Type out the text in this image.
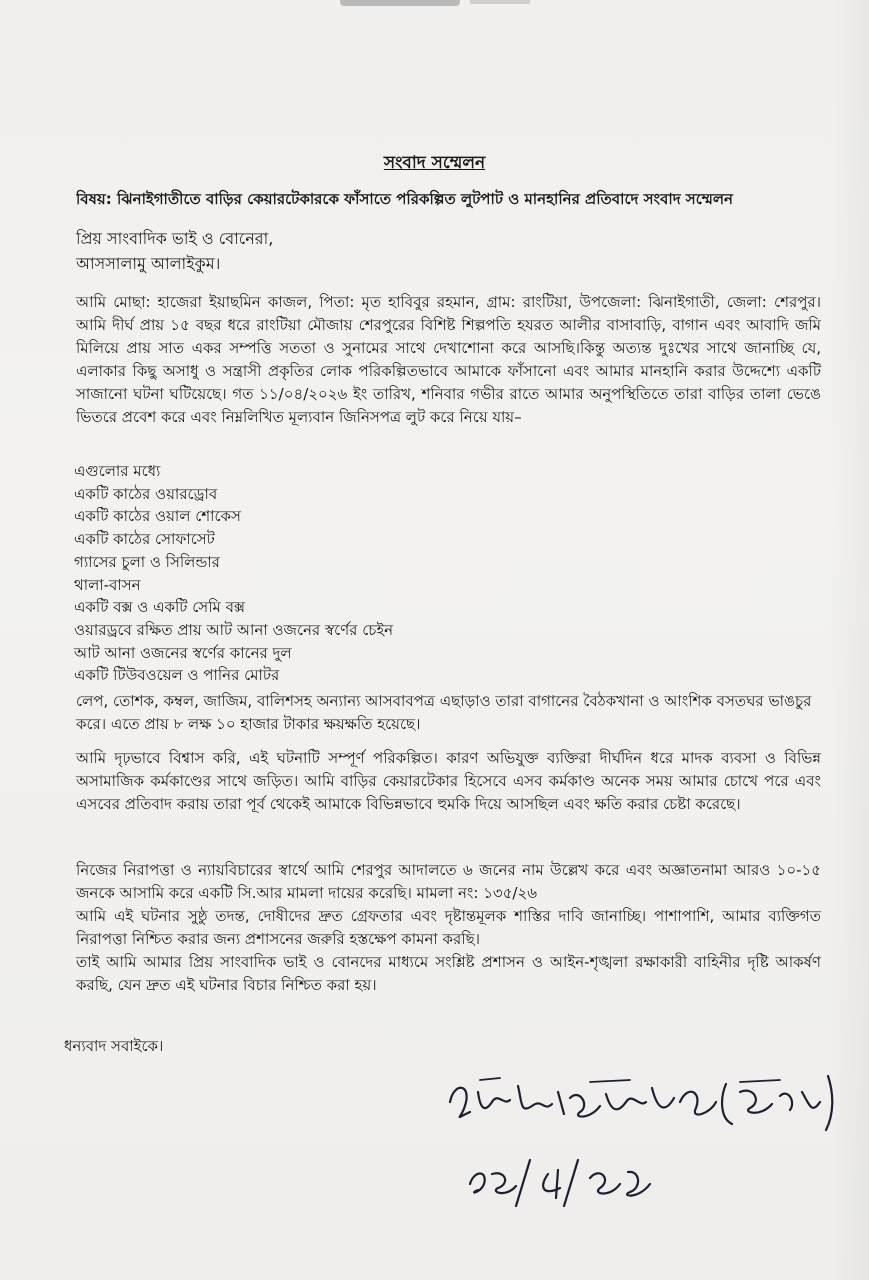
সংবাদ সম্মেলন
বিষয়: ঝিনাইগাতীতে বাড়ির কেয়ারটেকারকে ফাঁসাতে পরিকল্পিত লুটপাট ও মানহানির প্রতিবাদে সংবাদ সম্মেলন
প্রিয় সাংবাদিক ভাই ও বোনেরা,
আসসালামু আলাইকুম।
আমি মোছা: হাজেরা ইয়াছমিন কাজল, পিতা: মৃত হাবিবুর রহমান, গ্রাম: রাংটিয়া, উপজেলা: ঝিনাইগাতী, জেলা: শেরপুর। আমি দীর্ঘ প্রায় ১৫ বছর ধরে রাংটিয়া মৌজায় শেরপুরের বিশিষ্ট শিল্পপতি হযরত আলীর বাসাবাড়ি, বাগান এবং আবাদি জমি মিলিয়ে প্রায় সাত একর সম্পত্তি সততা ও সুনামের সাথে দেখাশোনা করে আসছি।কিন্তু অত্যন্ত দুঃখের সাথে জানাচ্ছি যে, এলাকার কিছু অসাধু ও সন্ত্রাসী প্রকৃতির লোক পরিকল্পিতভাবে আমাকে ফাঁসানো এবং আমার মানহানি করার উদ্দেশ্যে একটি সাজানো ঘটনা ঘটিয়েছে। গত ১১/০৪/২০২৬ ইং তারিখ, শনিবার গভীর রাতে আমার অনুপস্থিতিতে তারা বাড়ির তালা ভেঙে ভিতরে প্রবেশ করে এবং নিম্নলিখিত মূল্যবান জিনিসপত্র লুট করে নিয়ে যায়–
এগুলোর মধ্যে
একটি কাঠের ওয়ারড্রোব
একটি কাঠের ওয়াল শোকেস
একটি কাঠের সোফাসেট
গ্যাসের চুলা ও সিলিন্ডার
থালা-বাসন
একটি বক্স ও একটি সেমি বক্স
ওয়ারড্রবে রক্ষিত প্রায় আট আনা ওজনের স্বর্ণের চেইন
আট আনা ওজনের স্বর্ণের কানের দুল
একটি টিউবওয়েল ও পানির মোটর
লেপ, তোশক, কম্বল, জাজিম, বালিশসহ অন্যান্য আসবাবপত্র এছাড়াও তারা বাগানের বৈঠকখানা ও আংশিক বসতঘর ভাঙচুর করে। এতে প্রায় ৮ লক্ষ ১০ হাজার টাকার ক্ষয়ক্ষতি হয়েছে।
আমি দৃঢ়ভাবে বিশ্বাস করি, এই ঘটনাটি সম্পূর্ণ পরিকল্পিত। কারণ অভিযুক্ত ব্যক্তিরা দীর্ঘদিন ধরে মাদক ব্যবসা ও বিভিন্ন অসামাজিক কর্মকাণ্ডের সাথে জড়িত। আমি বাড়ির কেয়ারটেকার হিসেবে এসব কর্মকাণ্ড অনেক সময় আমার চোখে পরে এবং এসবের প্রতিবাদ করায় তারা পূর্ব থেকেই আমাকে বিভিন্নভাবে হুমকি দিয়ে আসছিল এবং ক্ষতি করার চেষ্টা করেছে।
নিজের নিরাপত্তা ও ন্যায়বিচারের স্বার্থে আমি শেরপুর আদালতে ৬ জনের নাম উল্লেখ করে এবং অজ্ঞাতনামা আরও ১০-১৫ জনকে আসামি করে একটি সি.আর মামলা দায়ের করেছি। মামলা নং: ১৩৫/২৬
আমি এই ঘটনার সুষ্ঠু তদন্ত, দোষীদের দ্রুত গ্রেফতার এবং দৃষ্টান্তমূলক শাস্তির দাবি জানাচ্ছি। পাশাপাশি, আমার ব্যক্তিগত নিরাপত্তা নিশ্চিত করার জন্য প্রশাসনের জরুরি হস্তক্ষেপ কামনা করছি।
তাই আমি আমার প্রিয় সাংবাদিক ভাই ও বোনদের মাধ্যমে সংশ্লিষ্ট প্রশাসন ও আইন-শৃঙ্খলা রক্ষাকারী বাহিনীর দৃষ্টি আকর্ষণ করছি, যেন দ্রুত এই ঘটনার বিচার নিশ্চিত করা হয়।
ধন্যবাদ সবাইকে।
